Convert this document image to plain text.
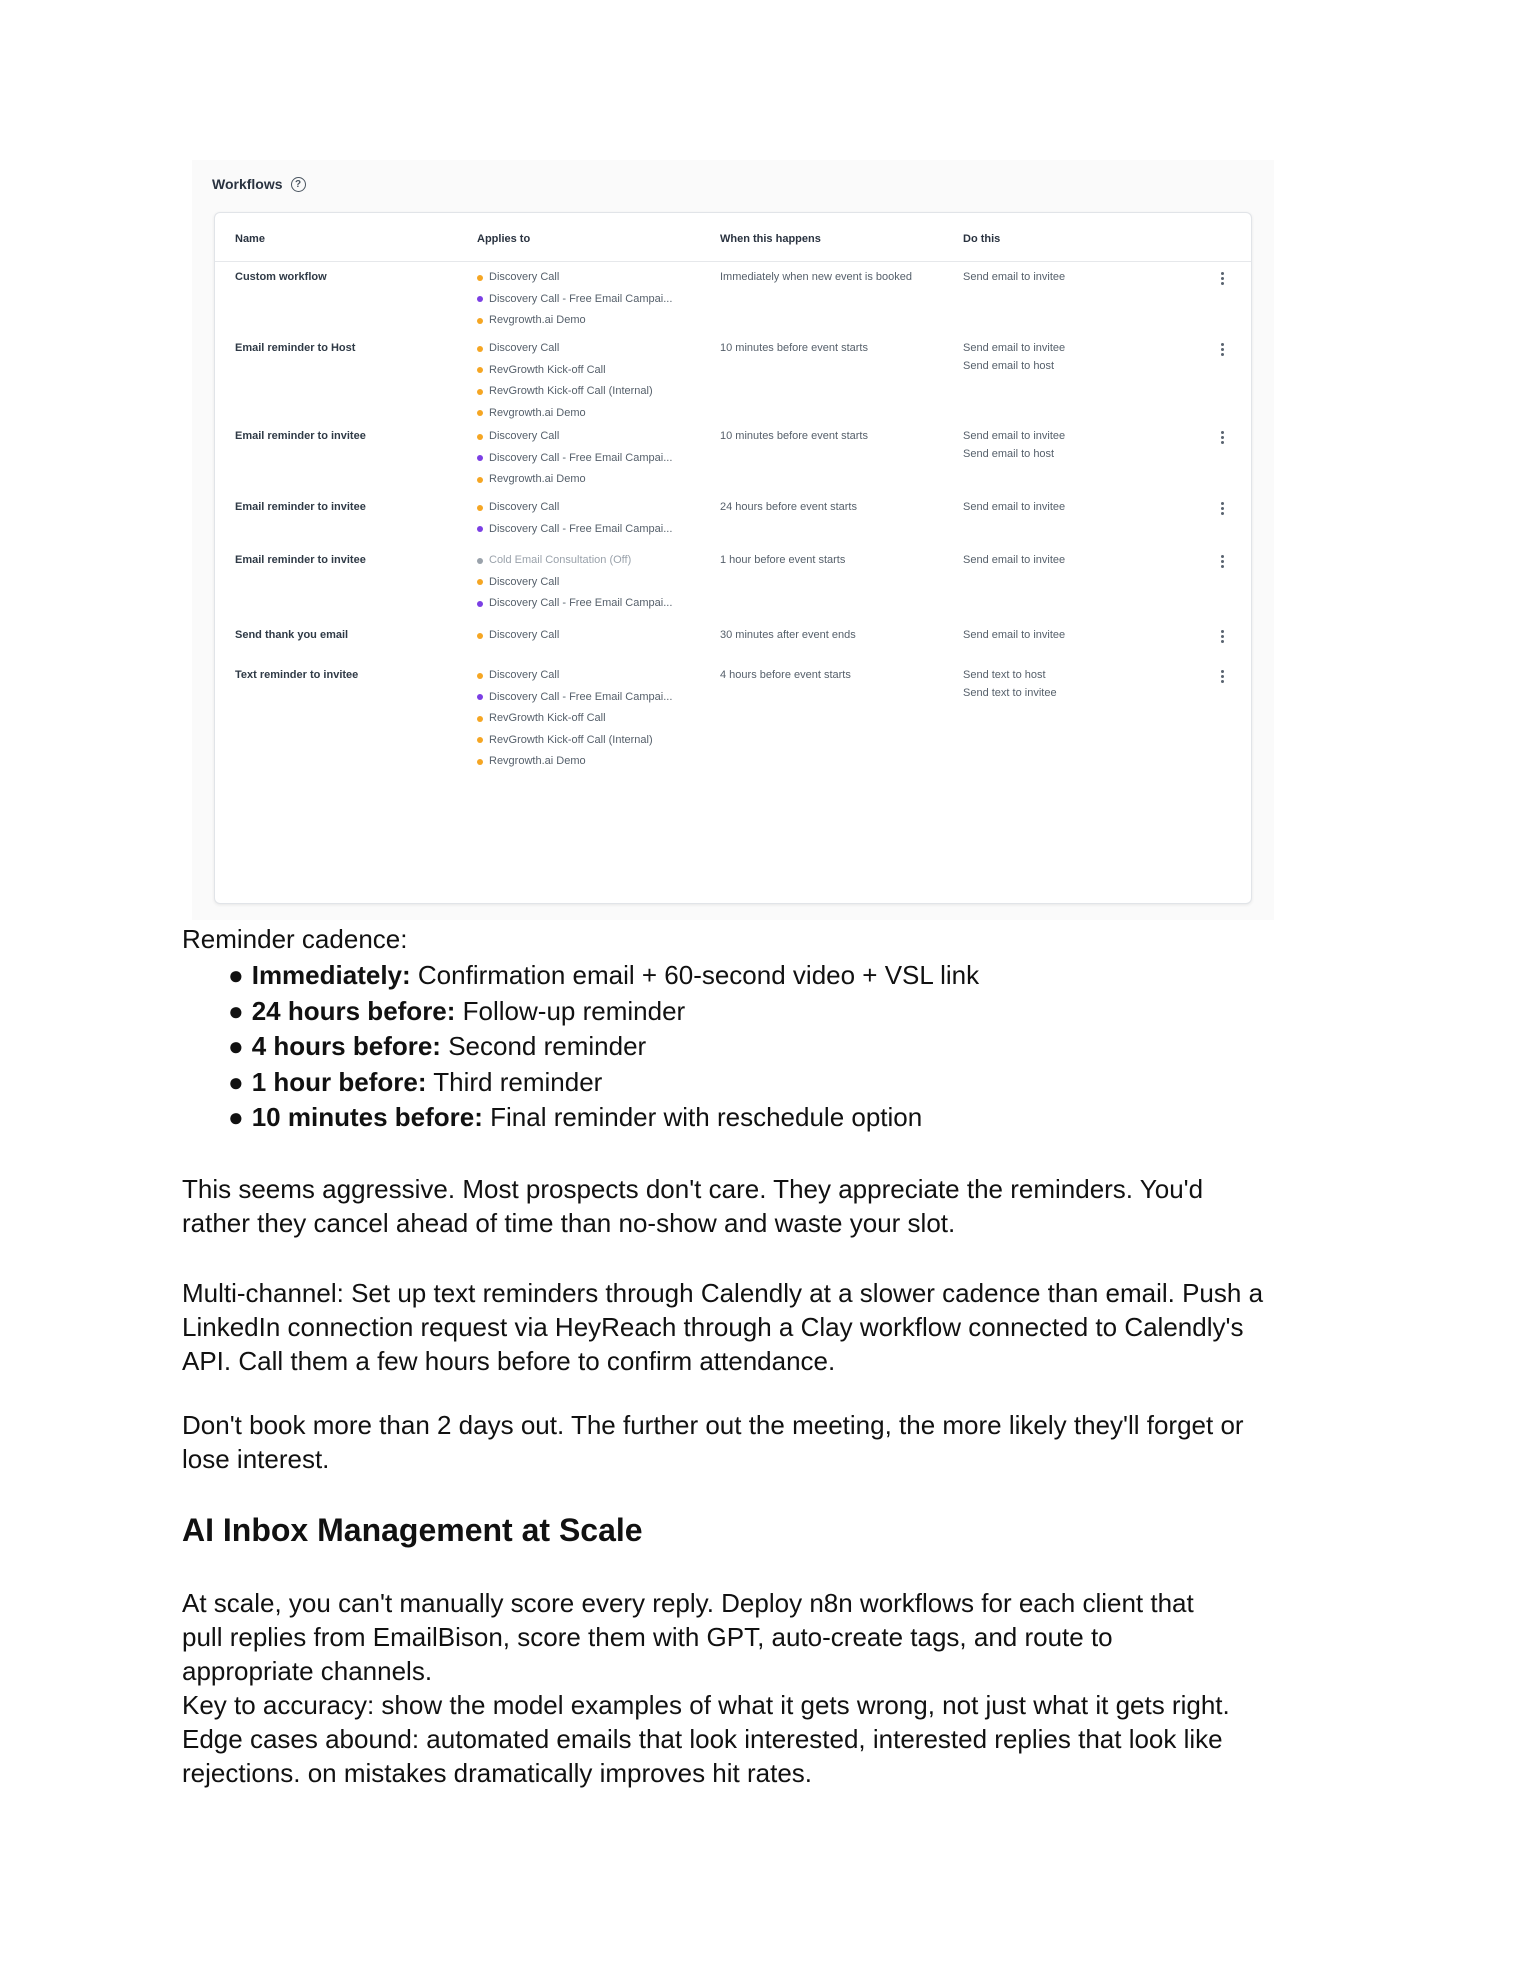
Workflows	?
Name	Applies to	When this happens	Do this
Custom workflow	Discovery Call
Discovery Call - Free Email Campai...
Revgrowth.ai Demo
Immediately when new event is booked	Send email to invitee
Email reminder to Host	Discovery Call
RevGrowth Kick-off Call
RevGrowth Kick-off Call (Internal)
Revgrowth.ai Demo
10 minutes before event starts	Send email to invitee
Send email to host
Email reminder to invitee	Discovery Call
Discovery Call - Free Email Campai...
Revgrowth.ai Demo
10 minutes before event starts	Send email to invitee
Send email to host
Email reminder to invitee	Discovery Call
Discovery Call - Free Email Campai...
24 hours before event starts	Send email to invitee
Email reminder to invitee	Cold Email Consultation (Off)
Discovery Call
Discovery Call - Free Email Campai...
1 hour before event starts	Send email to invitee
Send thank you email	Discovery Call	30 minutes after event ends	Send email to invitee
Text reminder to invitee	Discovery Call
Discovery Call - Free Email Campai...
RevGrowth Kick-off Call
RevGrowth Kick-off Call (Internal)
Revgrowth.ai Demo
4 hours before event starts	Send text to host
Send text to invitee
Reminder cadence:
● Immediately: Confirmation email + 60-second video + VSL link
● 24 hours before: Follow-up reminder
● 4 hours before: Second reminder
● 1 hour before: Third reminder
● 10 minutes before: Final reminder with reschedule option
This seems aggressive. Most prospects don't care. They appreciate the reminders. You'd
rather they cancel ahead of time than no-show and waste your slot.
Multi-channel: Set up text reminders through Calendly at a slower cadence than email. Push a
LinkedIn connection request via HeyReach through a Clay workflow connected to Calendly's
API. Call them a few hours before to confirm attendance.
Don't book more than 2 days out. The further out the meeting, the more likely they'll forget or
lose interest.
AI Inbox Management at Scale
At scale, you can't manually score every reply. Deploy n8n workflows for each client that
pull replies from EmailBison, score them with GPT, auto-create tags, and route to
appropriate channels.
Key to accuracy: show the model examples of what it gets wrong, not just what it gets right.
Edge cases abound: automated emails that look interested, interested replies that look like
rejections. on mistakes dramatically improves hit rates.
